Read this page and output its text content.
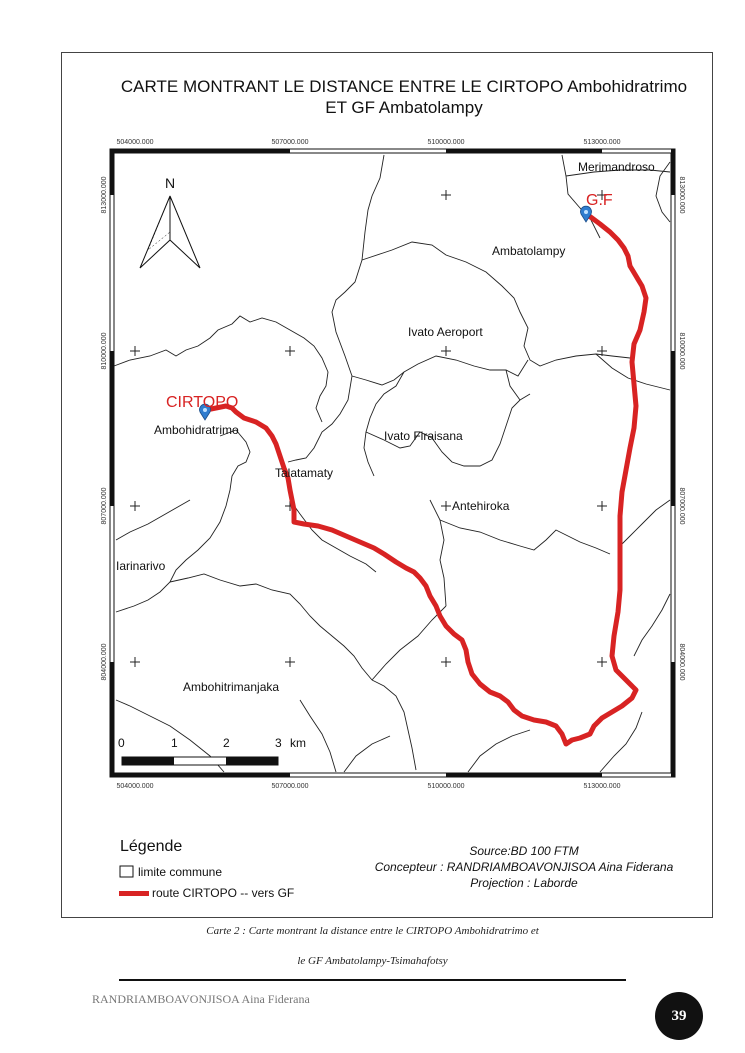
CARTE MONTRANT LE DISTANCE ENTRE LE CIRTOPO Ambohidratrimo
ET GF Ambatolampy
CIRTOPO
G.F
Merimandroso
Ambatolampy
Ivato Aeroport
Ivato Firaisana
Ambohidratrimo
Talatamaty
Antehiroka
Iarinarivo
Ambohitrimanjaka
N
0	1	2	3 km
504000.000	507000.000	510000.000	513000.000
504000.000	507000.000	510000.000	513000.000
813000.000
810000.000
807000.000
804000.000
813000.000
810000.000
807000.000
804000.000
Légende
limite commune
route CIRTOPO -- vers GF
Source:BD 100 FTM
Concepteur : RANDRIAMBOAVONJISOA Aina Fiderana
Projection : Laborde
Carte 2 : Carte montrant la distance entre le CIRTOPO Ambohidratrimo et
le GF Ambatolampy-Tsimahafotsy
RANDRIAMBOAVONJISOA Aina Fiderana
39
